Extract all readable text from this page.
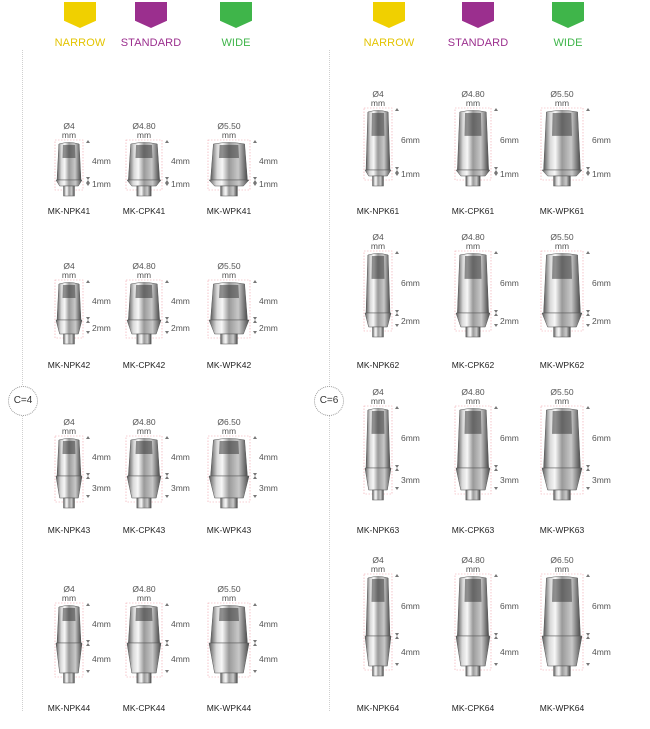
NARROW	STANDARD	WIDE	NARROW	STANDARD	WIDE
C=4	C=6
Ø4
mm
4mm
1mm
MK-NPK41
Ø4.80
mm
4mm
1mm
MK-CPK41
Ø5.50
mm
4mm
1mm
MK-WPK41
Ø4
mm
4mm
2mm
MK-NPK42
Ø4.80
mm
4mm
2mm
MK-CPK42
Ø5.50
mm
4mm
2mm
MK-WPK42
Ø4
mm
4mm
3mm
MK-NPK43
Ø4.80
mm
4mm
3mm
MK-CPK43
Ø6.50
mm
4mm
3mm
MK-WPK43
Ø4
mm
4mm
4mm
MK-NPK44
Ø4.80
mm
4mm
4mm
MK-CPK44
Ø5.50
mm
4mm
4mm
MK-WPK44
Ø4
mm
6mm
1mm
MK-NPK61
Ø4.80
mm
6mm
1mm
MK-CPK61
Ø5.50
mm
6mm
1mm
MK-WPK61
Ø4
mm
6mm
2mm
MK-NPK62
Ø4.80
mm
6mm
2mm
MK-CPK62
Ø5.50
mm
6mm
2mm
MK-WPK62
Ø4
mm
6mm
3mm
MK-NPK63
Ø4.80
mm
6mm
3mm
MK-CPK63
Ø5.50
mm
6mm
3mm
MK-WPK63
Ø4
mm
6mm
4mm
MK-NPK64
Ø4.80
mm
6mm
4mm
MK-CPK64
Ø6.50
mm
6mm
4mm
MK-WPK64
